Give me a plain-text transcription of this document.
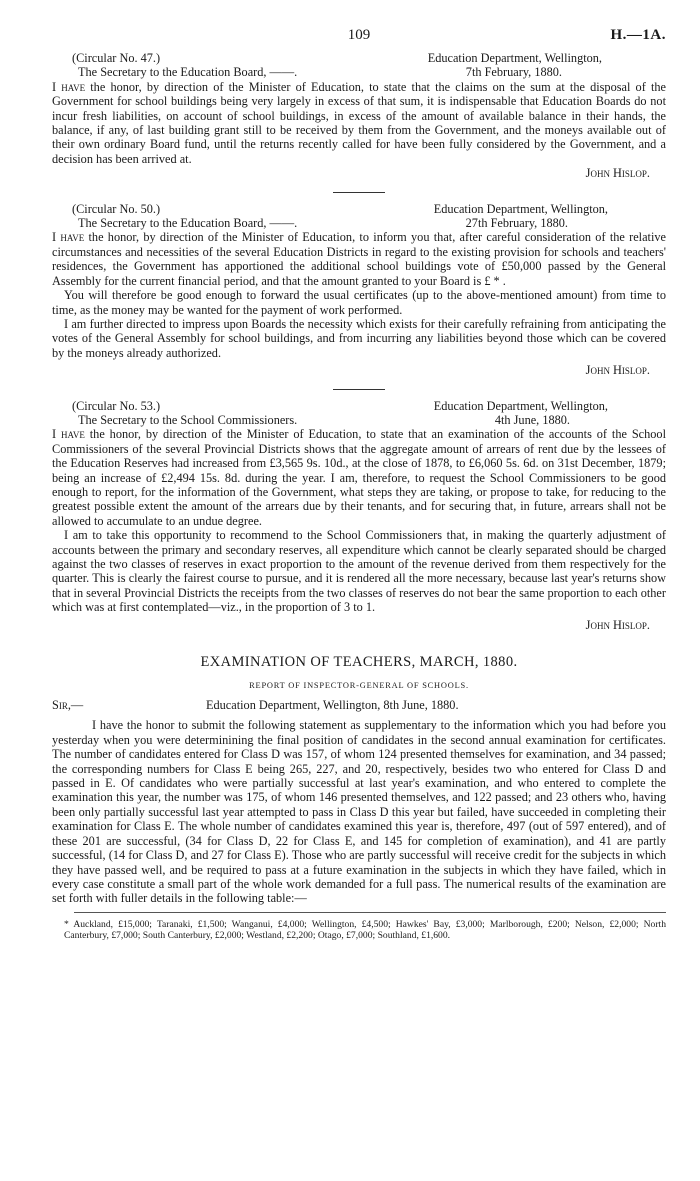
109	H.—1A.
(Circular No. 47.)	Education Department, Wellington,
The Secretary to the Education Board, ——.	7th February, 1880.

I have the honor, by direction of the Minister of Education, to state that the claims on the sum at the disposal of the Government for school buildings being very largely in excess of that sum, it is indispensable that Education Boards do not incur fresh liabilities, on account of school buildings, in excess of the amount of available balance in their hands, the balance, if any, of last building grant still to be received by them from the Government, and the moneys available out of their own ordinary Board fund, until the returns recently called for have been fully considered by the Government, and a decision has been arrived at.

John Hislop.
(Circular No. 50.)	Education Department, Wellington,
The Secretary to the Education Board, ——.	27th February, 1880.

I have the honor, by direction of the Minister of Education, to inform you that, after careful consideration of the relative circumstances and necessities of the several Education Districts in regard to the existing provision for schools and teachers' residences, the Government has apportioned the additional school buildings vote of £50,000 passed by the General Assembly for the current financial period, and that the amount granted to your Board is £ * .

You will therefore be good enough to forward the usual certificates (up to the above-mentioned amount) from time to time, as the money may be wanted for the payment of work performed.

I am further directed to impress upon Boards the necessity which exists for their carefully refraining from anticipating the votes of the General Assembly for school buildings, and from incurring any liabilities beyond those which can be covered by the moneys already authorized.

John Hislop.
(Circular No. 53.)	Education Department, Wellington,
The Secretary to the School Commissioners.	4th June, 1880.

I have the honor, by direction of the Minister of Education, to state that an examination of the accounts of the School Commissioners of the several Provincial Districts shows that the aggregate amount of arrears of rent due by the lessees of the Education Reserves had increased from £3,565 9s. 10d., at the close of 1878, to £6,060 5s. 6d. on 31st December, 1879; being an increase of £2,494 15s. 8d. during the year. I am, therefore, to request the School Commissioners to be good enough to report, for the information of the Government, what steps they are taking, or propose to take, for reducing to the greatest possible extent the amount of the arrears due by their tenants, and for securing that, in future, arrears shall not be allowed to accumulate to an undue degree.

I am to take this opportunity to recommend to the School Commissioners that, in making the quarterly adjustment of accounts between the primary and secondary reserves, all expenditure which cannot be clearly separated should be charged against the two classes of reserves in exact proportion to the amount of the revenue derived from them respectively for the quarter. This is clearly the fairest course to pursue, and it is rendered all the more necessary, because last year's returns show that in several Provincial Districts the receipts from the two classes of reserves do not bear the same proportion to each other which was at first contemplated—viz., in the proportion of 3 to 1.

John Hislop.
EXAMINATION OF TEACHERS, MARCH, 1880.
REPORT OF INSPECTOR-GENERAL OF SCHOOLS.
Sir,—	Education Department, Wellington, 8th June, 1880.

I have the honor to submit the following statement as supplementary to the information which you had before you yesterday when you were determinining the final position of candidates in the second annual examination for certificates. The number of candidates entered for Class D was 157, of whom 124 presented themselves for examination, and 34 passed; the corresponding numbers for Class E being 265, 227, and 20, respectively, besides two who entered for Class D and passed in E. Of candidates who were partially successful at last year's examination, and who entered to complete the examination this year, the number was 175, of whom 146 presented themselves, and 122 passed; and 23 others who, having been only partially successful last year attempted to pass in Class D this year but failed, have succeeded in completing their examination for Class E. The whole number of candidates examined this year is, therefore, 497 (out of 597 entered), and of these 201 are successful, (34 for Class D, 22 for Class E, and 145 for completion of examination), and 41 are partly successful, (14 for Class D, and 27 for Class E). Those who are partly successful will receive credit for the subjects in which they have passed well, and be required to pass at a future examination in the subjects in which they have failed, which in every case constitute a small part of the whole work demanded for a full pass. The numerical results of the examination are set forth with fuller details in the following table:—

* Auckland, £15,000; Taranaki, £1,500; Wanganui, £4,000; Wellington, £4,500; Hawkes' Bay, £3,000; Marlborough, £200; Nelson, £2,000; North Canterbury, £7,000; South Canterbury, £2,000; Westland, £2,200; Otago, £7,000; Southland, £1,600.
